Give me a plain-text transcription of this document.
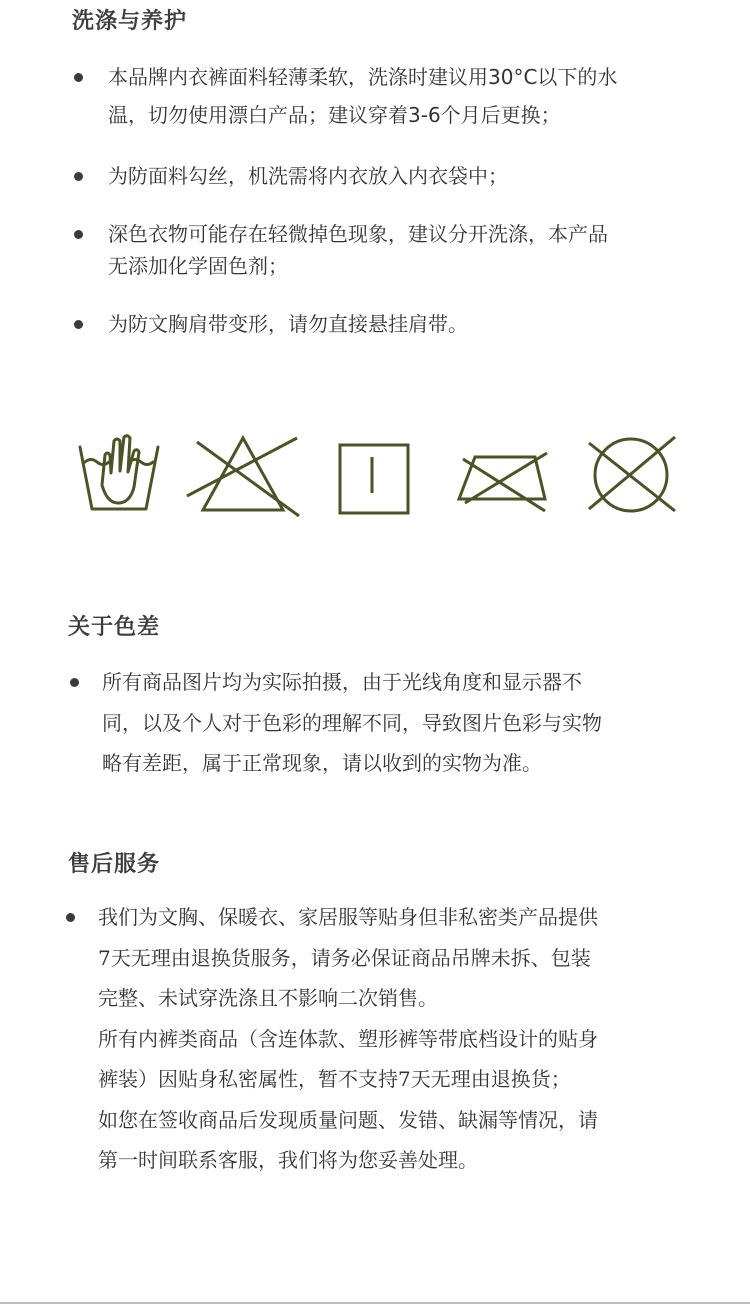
洗涤与养护
本品牌内衣裤面料轻薄柔软，洗涤时建议用30°C以下的水
温，切勿使用漂白产品；建议穿着3-6个月后更换；
为防面料勾丝，机洗需将内衣放入内衣袋中；
深色衣物可能存在轻微掉色现象，建议分开洗涤，本产品
无添加化学固色剂；
为防文胸肩带变形，请勿直接悬挂肩带。
关于色差
所有商品图片均为实际拍摄，由于光线角度和显示器不
同，以及个人对于色彩的理解不同，导致图片色彩与实物
略有差距，属于正常现象，请以收到的实物为准。
售后服务
我们为文胸、保暖衣、家居服等贴身但非私密类产品提供
7天无理由退换货服务，请务必保证商品吊牌未拆、包装
完整、未试穿洗涤且不影响二次销售。
所有内裤类商品（含连体款、塑形裤等带底档设计的贴身
裤装）因贴身私密属性，暂不支持7天无理由退换货；
如您在签收商品后发现质量问题、发错、缺漏等情况，请
第一时间联系客服，我们将为您妥善处理。
